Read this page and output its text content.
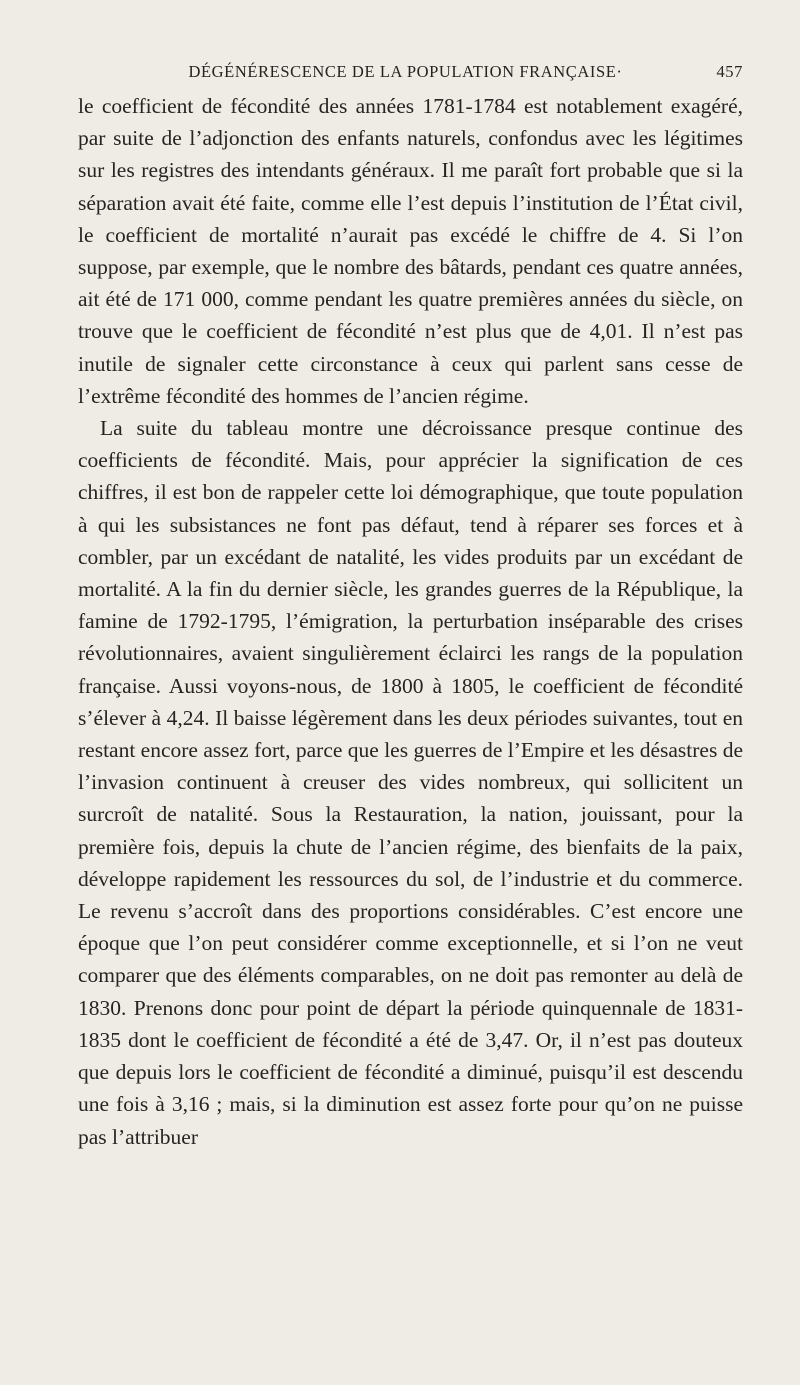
DÉGÉNÉRESCENCE DE LA POPULATION FRANÇAISE·	457

le coefficient de fécondité des années 1781-1784 est notablement exagéré, par suite de l’adjonction des enfants naturels, confondus avec les légitimes sur les registres des intendants généraux. Il me paraît fort probable que si la séparation avait été faite, comme elle l’est depuis l’institution de l’État civil, le coefficient de mortalité n’aurait pas excédé le chiffre de 4. Si l’on suppose, par exemple, que le nombre des bâtards, pendant ces quatre années, ait été de 171 000, comme pendant les quatre premières années du siècle, on trouve que le coefficient de fécondité n’est plus que de 4,01. Il n’est pas inutile de signaler cette circonstance à ceux qui parlent sans cesse de l’extrême fécondité des hommes de l’ancien régime.

La suite du tableau montre une décroissance presque continue des coefficients de fécondité. Mais, pour apprécier la signification de ces chiffres, il est bon de rappeler cette loi démographique, que toute population à qui les subsistances ne font pas défaut, tend à réparer ses forces et à combler, par un excédant de natalité, les vides produits par un excédant de mortalité. A la fin du dernier siècle, les grandes guerres de la République, la famine de 1792-1795, l’émigration, la perturbation inséparable des crises révolutionnaires, avaient singulièrement éclairci les rangs de la population française. Aussi voyons-nous, de 1800 à 1805, le coefficient de fécondité s’élever à 4,24. Il baisse légèrement dans les deux périodes suivantes, tout en restant encore assez fort, parce que les guerres de l’Empire et les désastres de l’invasion continuent à creuser des vides nombreux, qui sollicitent un surcroît de natalité. Sous la Restauration, la nation, jouissant, pour la première fois, depuis la chute de l’ancien régime, des bienfaits de la paix, développe rapidement les ressources du sol, de l’industrie et du commerce. Le revenu s’accroît dans des proportions considérables. C’est encore une époque que l’on peut considérer comme exceptionnelle, et si l’on ne veut comparer que des éléments comparables, on ne doit pas remonter au delà de 1830. Prenons donc pour point de départ la période quinquennale de 1831-1835 dont le coefficient de fécondité a été de 3,47. Or, il n’est pas douteux que depuis lors le coefficient de fécondité a diminué, puisqu’il est descendu une fois à 3,16 ; mais, si la diminution est assez forte pour qu’on ne puisse pas l’attribuer
